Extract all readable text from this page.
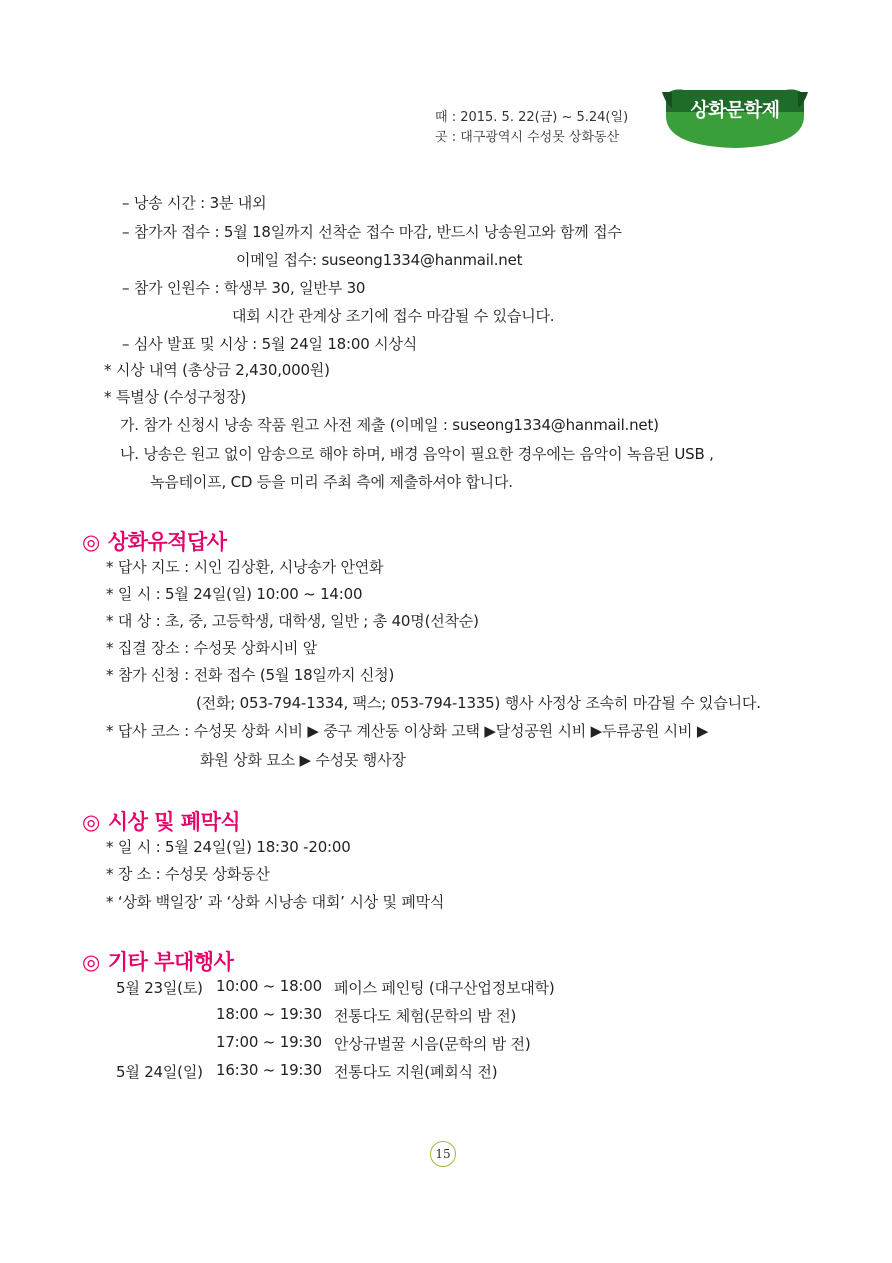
때 : 2015. 5. 22(금) ~ 5.24(일)
곳 : 대구광역시 수성못 상화동산
상화문학제
– 낭송 시간 : 3분 내외
– 참가자 접수 : 5월 18일까지 선착순 접수 마감, 반드시 낭송원고와 함께 접수
이메일 접수: suseong1334@hanmail.net
– 참가 인원수 : 학생부 30, 일반부 30
대회 시간 관계상 조기에 접수 마감될 수 있습니다.
– 심사 발표 및 시상 : 5월 24일 18:00 시상식
* 시상 내역 (총상금 2,430,000원)
* 특별상 (수성구청장)
가. 참가 신청시 낭송 작품 원고 사전 제출 (이메일 : suseong1334@hanmail.net)
나. 낭송은 원고 없이 암송으로 해야 하며, 배경 음악이 필요한 경우에는 음악이 녹음된 USB ,
녹음테이프, CD 등을 미리 주최 측에 제출하셔야 합니다.
◎ 상화유적답사
* 답사 지도 : 시인 김상환, 시낭송가 안연화
* 일 시 : 5월 24일(일) 10:00 ~ 14:00
* 대 상 : 초, 중, 고등학생, 대학생, 일반 ; 총 40명(선착순)
* 집결 장소 : 수성못 상화시비 앞
* 참가 신청 : 전화 접수 (5월 18일까지 신청)
(전화; 053-794-1334, 팩스; 053-794-1335) 행사 사정상 조속히 마감될 수 있습니다.
* 답사 코스 : 수성못 상화 시비 ▶ 중구 계산동 이상화 고택 ▶달성공원 시비 ▶두류공원 시비 ▶
화원 상화 묘소 ▶ 수성못 행사장
◎ 시상 및 폐막식
* 일 시 : 5월 24일(일) 18:30 -20:00
* 장 소 : 수성못 상화동산
* ‘상화 백일장’ 과 ‘상화 시낭송 대회’ 시상 및 폐막식
◎ 기타 부대행사
5월 23일(토) 10:00 ~ 18:00 페이스 페인팅 (대구산업정보대학)
18:00 ~ 19:30 전통다도 체험(문학의 밤 전)
17:00 ~ 19:30 안상규벌꿀 시음(문학의 밤 전)
5월 24일(일) 16:30 ~ 19:30 전통다도 지원(폐회식 전)
15
